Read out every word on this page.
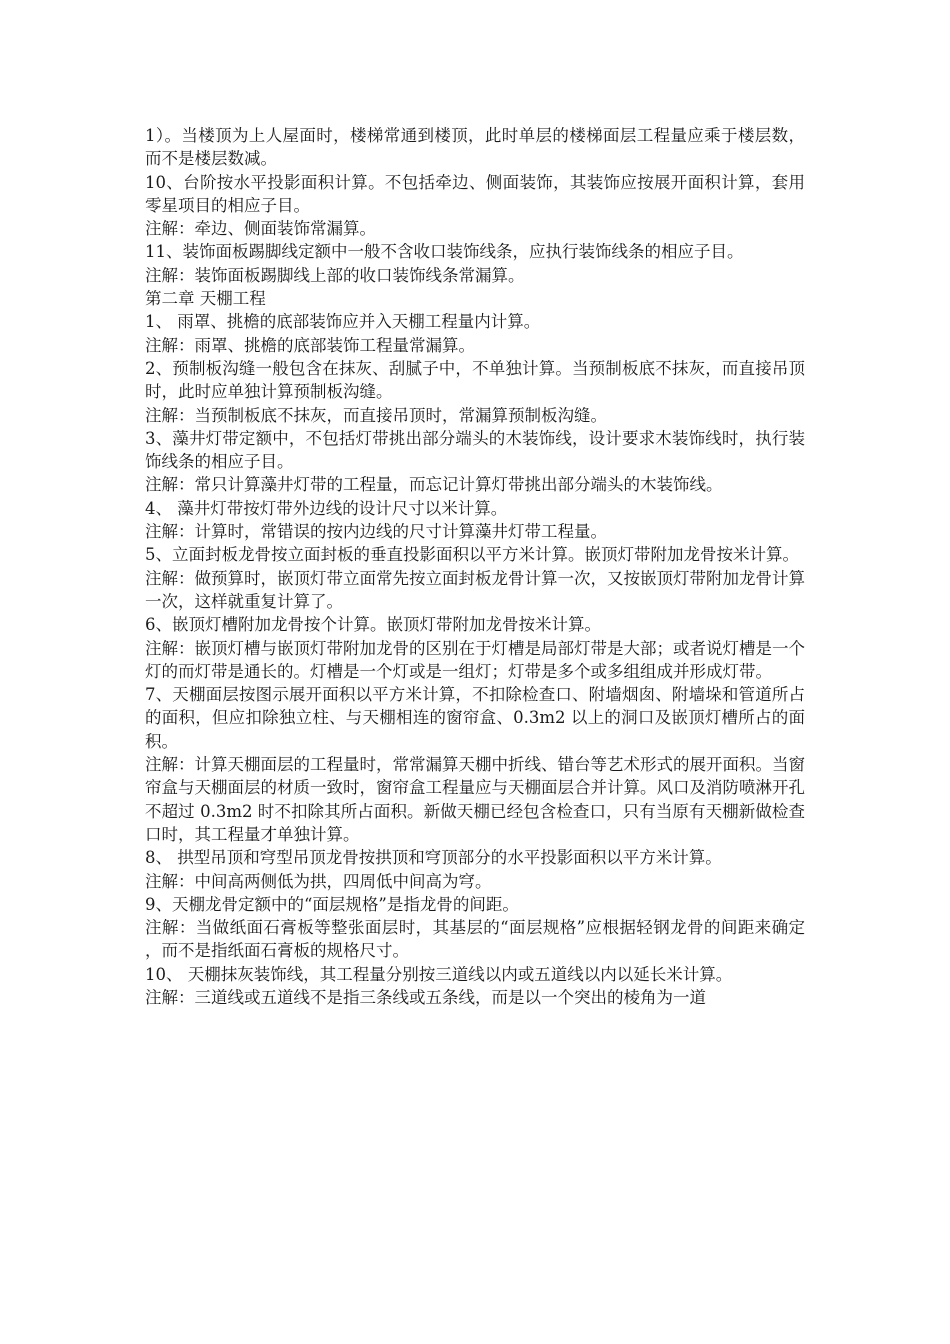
1）。当楼顶为上人屋面时，楼梯常通到楼顶，此时单层的楼梯面层工程量应乘于楼层数，而不是楼层数减。

10、台阶按水平投影面积计算。不包括牵边、侧面装饰，其装饰应按展开面积计算，套用零星项目的相应子目。

注解：牵边、侧面装饰常漏算。

11、装饰面板踢脚线定额中一般不含收口装饰线条，应执行装饰线条的相应子目。

注解：装饰面板踢脚线上部的收口装饰线条常漏算。

第二章 天棚工程

1、 雨罩、挑檐的底部装饰应并入天棚工程量内计算。

注解：雨罩、挑檐的底部装饰工程量常漏算。

2、预制板沟缝一般包含在抹灰、刮腻子中，不单独计算。当预制板底不抹灰，而直接吊顶时，此时应单独计算预制板沟缝。

注解：当预制板底不抹灰，而直接吊顶时，常漏算预制板沟缝。

3、藻井灯带定额中，不包括灯带挑出部分端头的木装饰线，设计要求木装饰线时，执行装饰线条的相应子目。

注解：常只计算藻井灯带的工程量，而忘记计算灯带挑出部分端头的木装饰线。

4、 藻井灯带按灯带外边线的设计尺寸以米计算。

注解：计算时，常错误的按内边线的尺寸计算藻井灯带工程量。

5、立面封板龙骨按立面封板的垂直投影面积以平方米计算。嵌顶灯带附加龙骨按米计算。

注解：做预算时，嵌顶灯带立面常先按立面封板龙骨计算一次，又按嵌顶灯带附加龙骨计算一次，这样就重复计算了。

6、嵌顶灯槽附加龙骨按个计算。嵌顶灯带附加龙骨按米计算。

注解：嵌顶灯槽与嵌顶灯带附加龙骨的区别在于灯槽是局部灯带是大部；或者说灯槽是一个灯的而灯带是通长的。灯槽是一个灯或是一组灯；灯带是多个或多组组成并形成灯带。

7、天棚面层按图示展开面积以平方米计算，不扣除检查口、附墙烟囱、附墙垛和管道所占的面积，但应扣除独立柱、与天棚相连的窗帘盒、0.3m2 以上的洞口及嵌顶灯槽所占的面积。

注解：计算天棚面层的工程量时，常常漏算天棚中折线、错台等艺术形式的展开面积。当窗帘盒与天棚面层的材质一致时，窗帘盒工程量应与天棚面层合并计算。风口及消防喷淋开孔不超过 0.3m2 时不扣除其所占面积。新做天棚已经包含检查口，只有当原有天棚新做检查口时，其工程量才单独计算。

8、 拱型吊顶和穹型吊顶龙骨按拱顶和穹顶部分的水平投影面积以平方米计算。

注解：中间高两侧低为拱，四周低中间高为穹。

9、天棚龙骨定额中的“面层规格”是指龙骨的间距。

注解：当做纸面石膏板等整张面层时，其基层的“面层规格”应根据轻钢龙骨的间距来确定，而不是指纸面石膏板的规格尺寸。

10、 天棚抹灰装饰线，其工程量分别按三道线以内或五道线以内以延长米计算。

注解：三道线或五道线不是指三条线或五条线，而是以一个突出的棱角为一道
